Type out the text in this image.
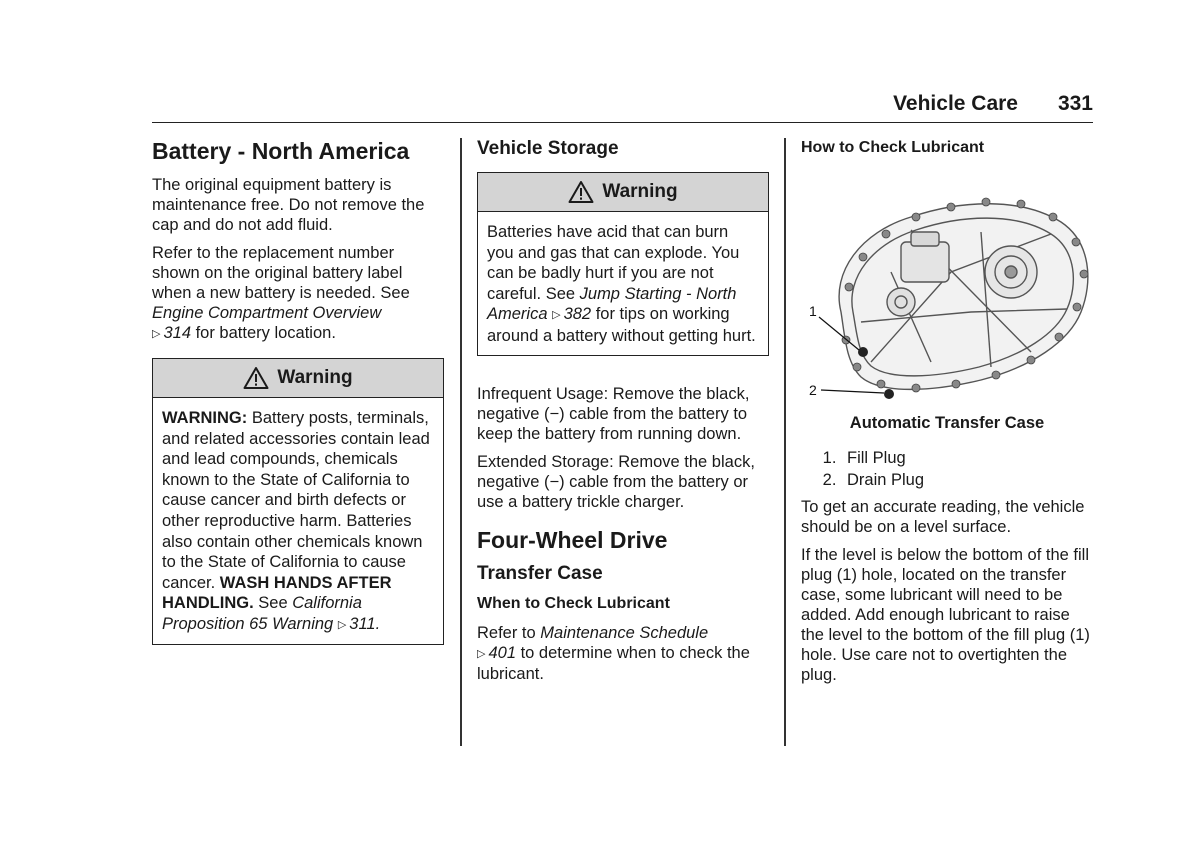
Vehicle Care 331
Battery - North America

The original equipment battery is maintenance free. Do not remove the cap and do not add fluid.

Refer to the replacement number shown on the original battery label when a new battery is needed. See Engine Compartment Overview
▷ 314 for battery location.

Warning

WARNING: Battery posts, terminals, and related accessories contain lead and lead compounds, chemicals known to the State of California to cause cancer and birth defects or other reproductive harm. Batteries also contain other chemicals known to the State of California to cause cancer. WASH HANDS AFTER HANDLING. See California Proposition 65 Warning ▷ 311.

Vehicle Storage
Warning

Batteries have acid that can burn you and gas that can explode. You can be badly hurt if you are not careful. See Jump Starting - North America ▷ 382 for tips on working around a battery without getting hurt.

Infrequent Usage: Remove the black, negative (−) cable from the battery to keep the battery from running down.

Extended Storage: Remove the black, negative (−) cable from the battery or use a battery trickle charger.

Four-Wheel Drive
Transfer Case
When to Check Lubricant

Refer to Maintenance Schedule
▷ 401 to determine when to check the lubricant.

How to Check Lubricant
1
2
Automatic Transfer Case
1. Fill Plug
2. Drain Plug

To get an accurate reading, the vehicle should be on a level surface.

If the level is below the bottom of the fill plug (1) hole, located on the transfer case, some lubricant will need to be added. Add enough lubricant to raise the level to the bottom of the fill plug (1) hole. Use care not to overtighten the plug.
